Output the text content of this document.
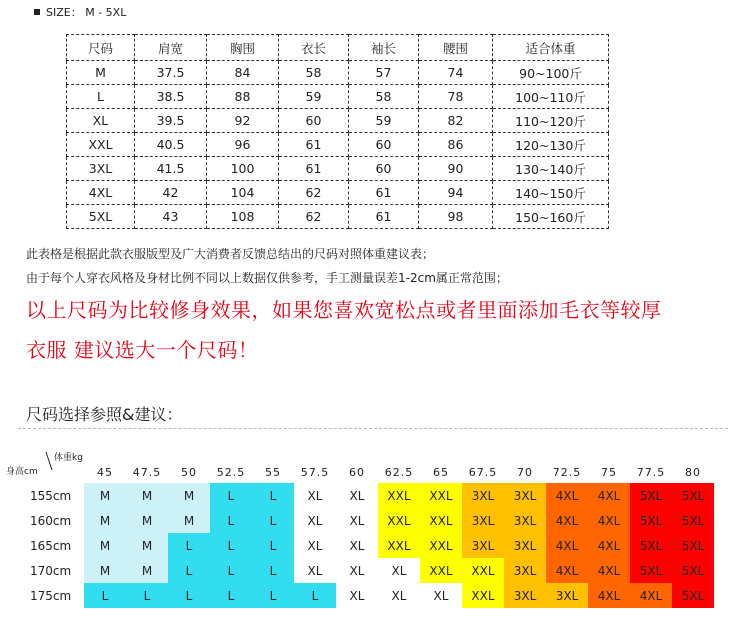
SIZE： M - 5XL
尺码	肩宽	胸围	衣长	袖长	腰围	适合体重
M	37.5	84	58	57	74	90~100斤
L	38.5	88	59	58	78	100~110斤
XL	39.5	92	60	59	82	110~120斤
XXL	40.5	96	61	60	86	120~130斤
3XL	41.5	100	61	60	90	130~140斤
4XL	42	104	62	61	94	140~150斤
5XL	43	108	62	61	98	150~160斤
此表格是根据此款衣服版型及广大消费者反馈总结出的尺码对照体重建议表；
由于每个人穿衣风格及身材比例不同以上数据仅供参考，手工测量误差1-2cm属正常范围；
以上尺码为比较修身效果，如果您喜欢宽松点或者里面添加毛衣等较厚
衣服 建议选大一个尺码！
尺码选择参照&建议：
体重kg
身高cm	45	47.5	50	52.5	55	57.5	60	62.5	65	67.5	70	72.5	75	77.5	80
155cm	M	M	M	L	L	XL	XL	XXL	XXL	3XL	3XL	4XL	4XL	5XL	5XL
160cm	M	M	M	L	L	XL	XL	XXL	XXL	3XL	3XL	4XL	4XL	5XL	5XL
165cm	M	M	L	L	L	XL	XL	XXL	XXL	3XL	3XL	4XL	4XL	5XL	5XL
170cm	M	M	L	L	L	XL	XL	XL	XXL	XXL	3XL	4XL	4XL	5XL	5XL
175cm	L	L	L	L	L	L	XL	XL	XL	XXL	3XL	3XL	4XL	4XL	5XL
